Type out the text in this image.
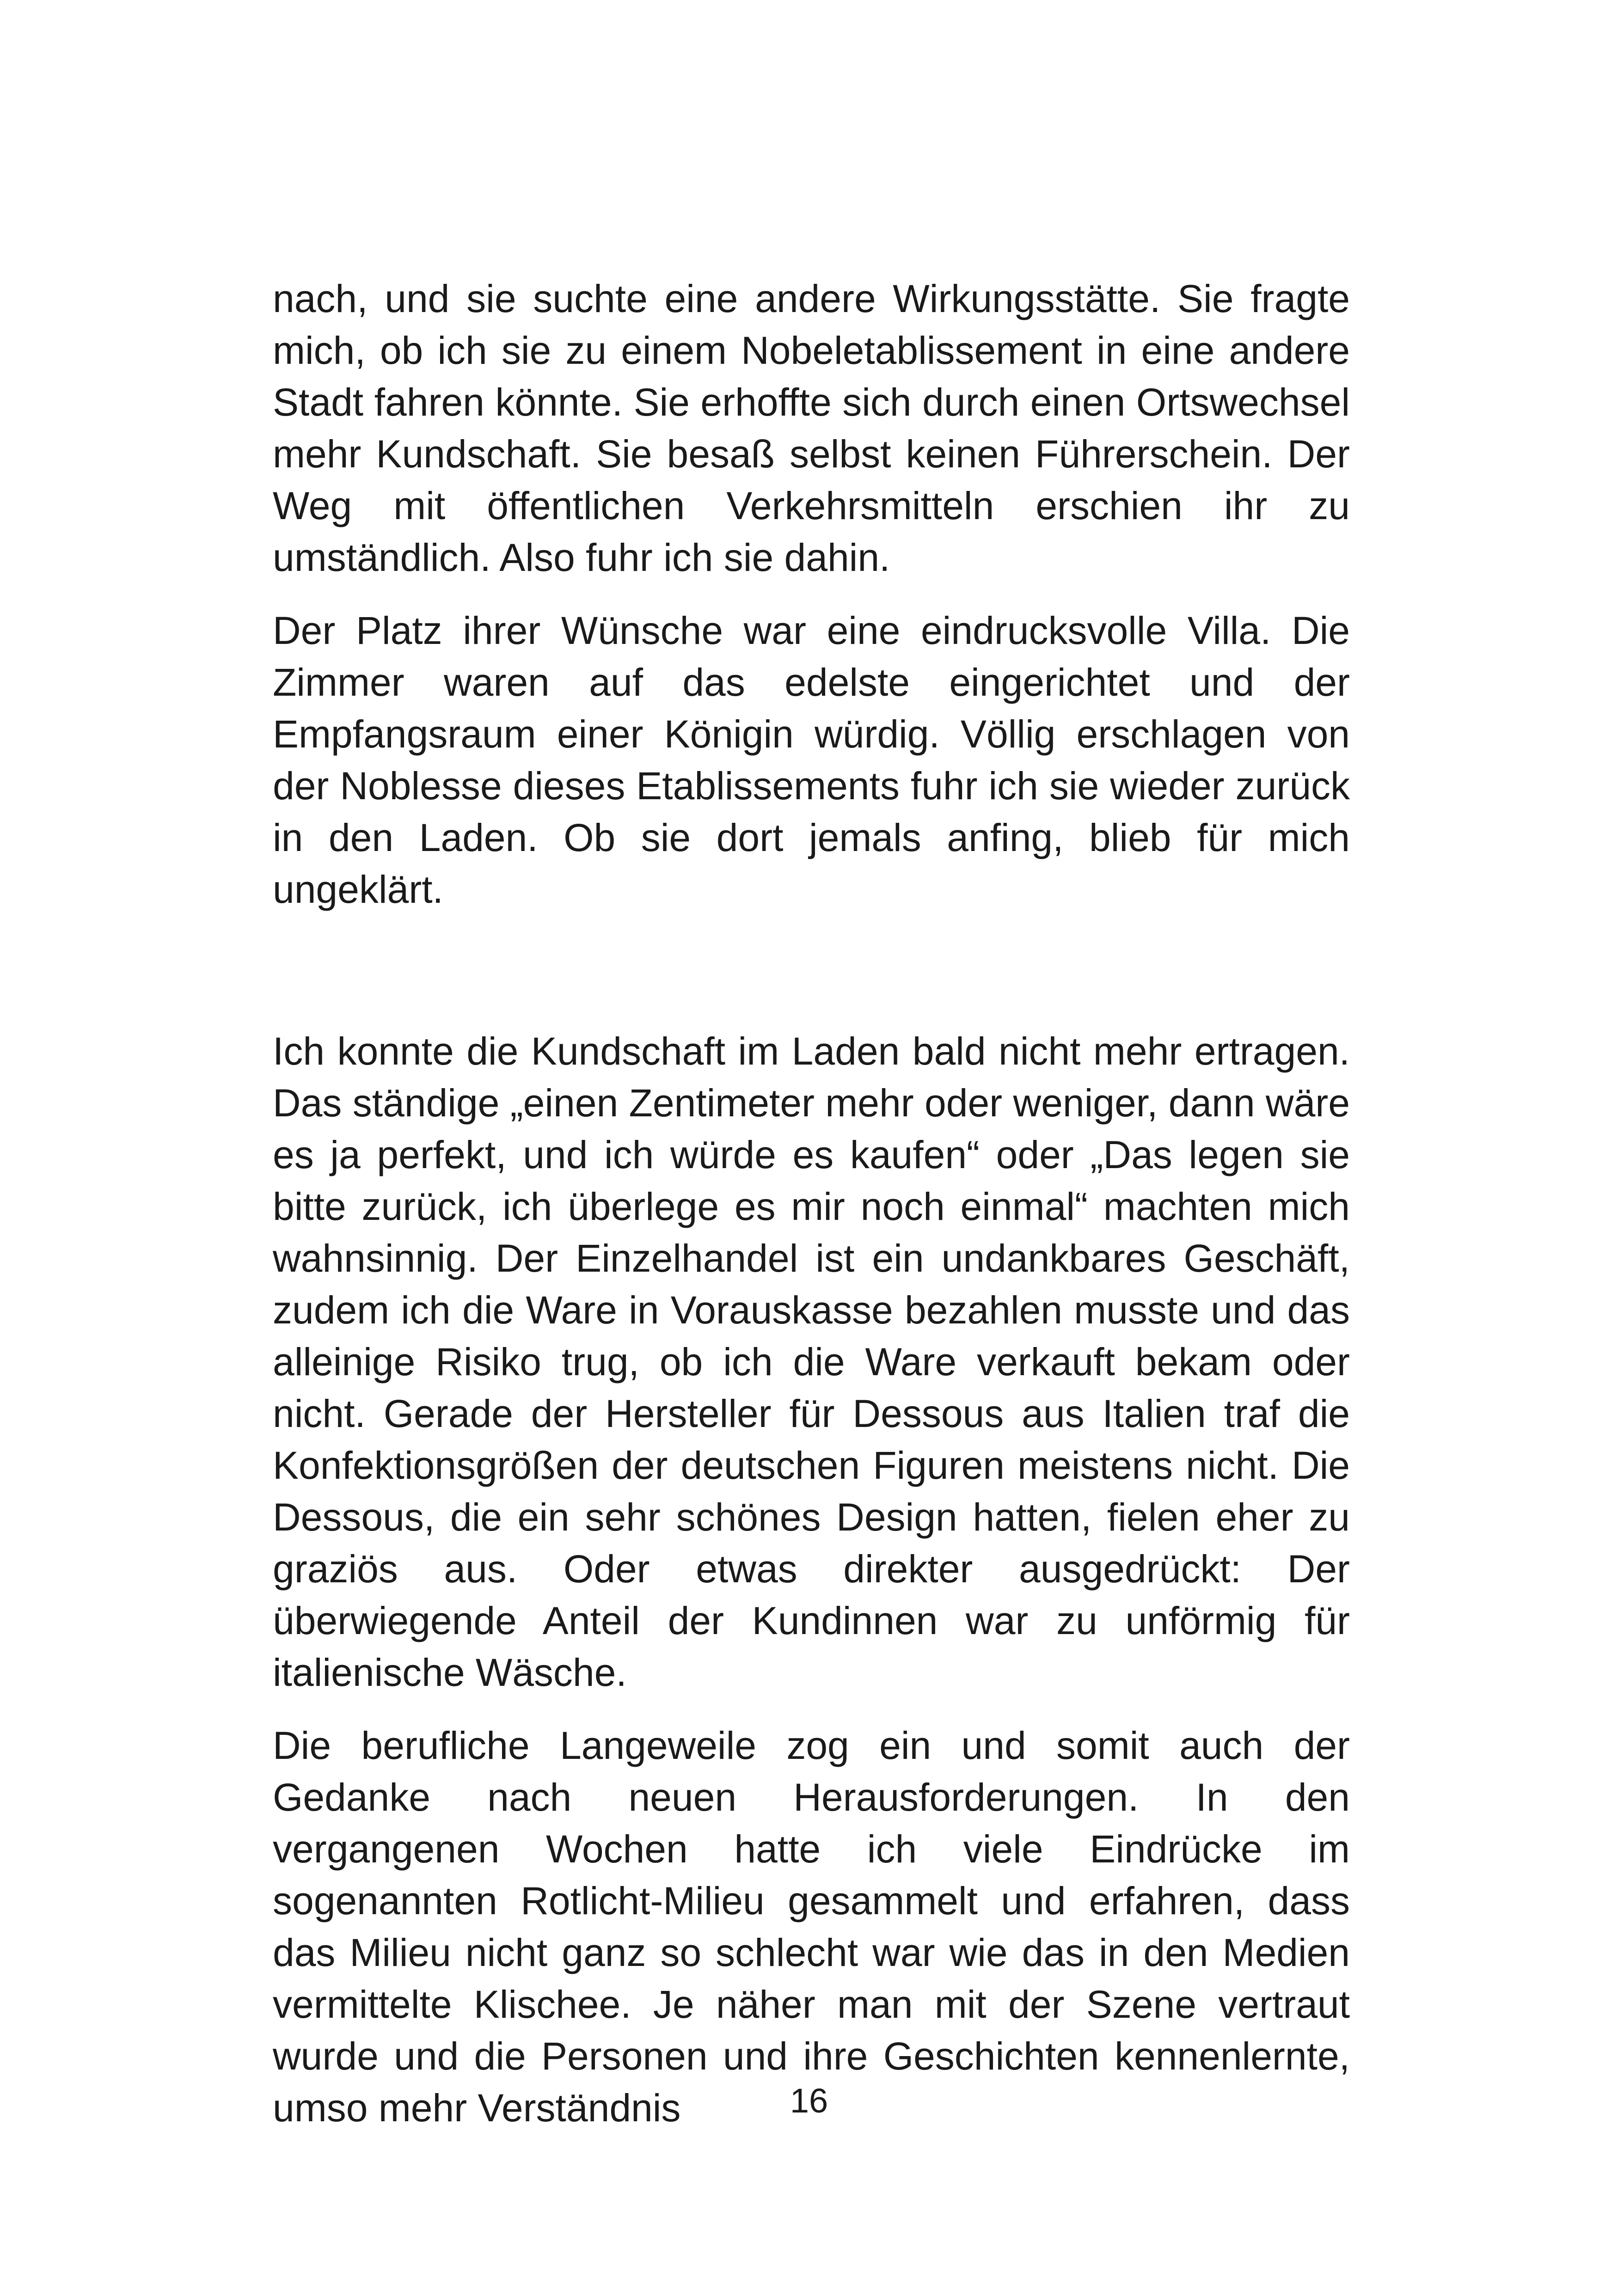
nach, und sie suchte eine andere Wirkungsstätte. Sie fragte mich, ob ich sie zu einem Nobeletablissement in eine andere Stadt fahren könnte. Sie erhoffte sich durch einen Ortswechsel mehr Kundschaft. Sie besaß selbst keinen Führerschein. Der Weg mit öffentlichen Verkehrsmitteln erschien ihr zu umständlich. Also fuhr ich sie dahin.

Der Platz ihrer Wünsche war eine eindrucksvolle Villa. Die Zimmer waren auf das edelste eingerichtet und der Empfangsraum einer Königin würdig. Völlig erschlagen von der Noblesse dieses Etablissements fuhr ich sie wieder zurück in den Laden. Ob sie dort jemals anfing, blieb für mich ungeklärt.

Ich konnte die Kundschaft im Laden bald nicht mehr ertragen. Das ständige „einen Zentimeter mehr oder weniger, dann wäre es ja perfekt, und ich würde es kaufen“ oder „Das legen sie bitte zurück, ich überlege es mir noch einmal“ machten mich wahnsinnig. Der Einzelhandel ist ein undankbares Geschäft, zudem ich die Ware in Vorauskasse bezahlen musste und das alleinige Risiko trug, ob ich die Ware verkauft bekam oder nicht. Gerade der Hersteller für Dessous aus Italien traf die Konfektionsgrößen der deutschen Figuren meistens nicht. Die Dessous, die ein sehr schönes Design hatten, fielen eher zu graziös aus. Oder etwas direkter ausgedrückt: Der überwiegende Anteil der Kundinnen war zu unförmig für italienische Wäsche.

Die berufliche Langeweile zog ein und somit auch der Gedanke nach neuen Herausforderungen. In den vergangenen Wochen hatte ich viele Eindrücke im sogenannten Rotlicht-Milieu gesammelt und erfahren, dass das Milieu nicht ganz so schlecht war wie das in den Medien vermittelte Klischee. Je näher man mit der Szene vertraut wurde und die Personen und ihre Geschichten kennenlernte, umso mehr Verständnis	16
